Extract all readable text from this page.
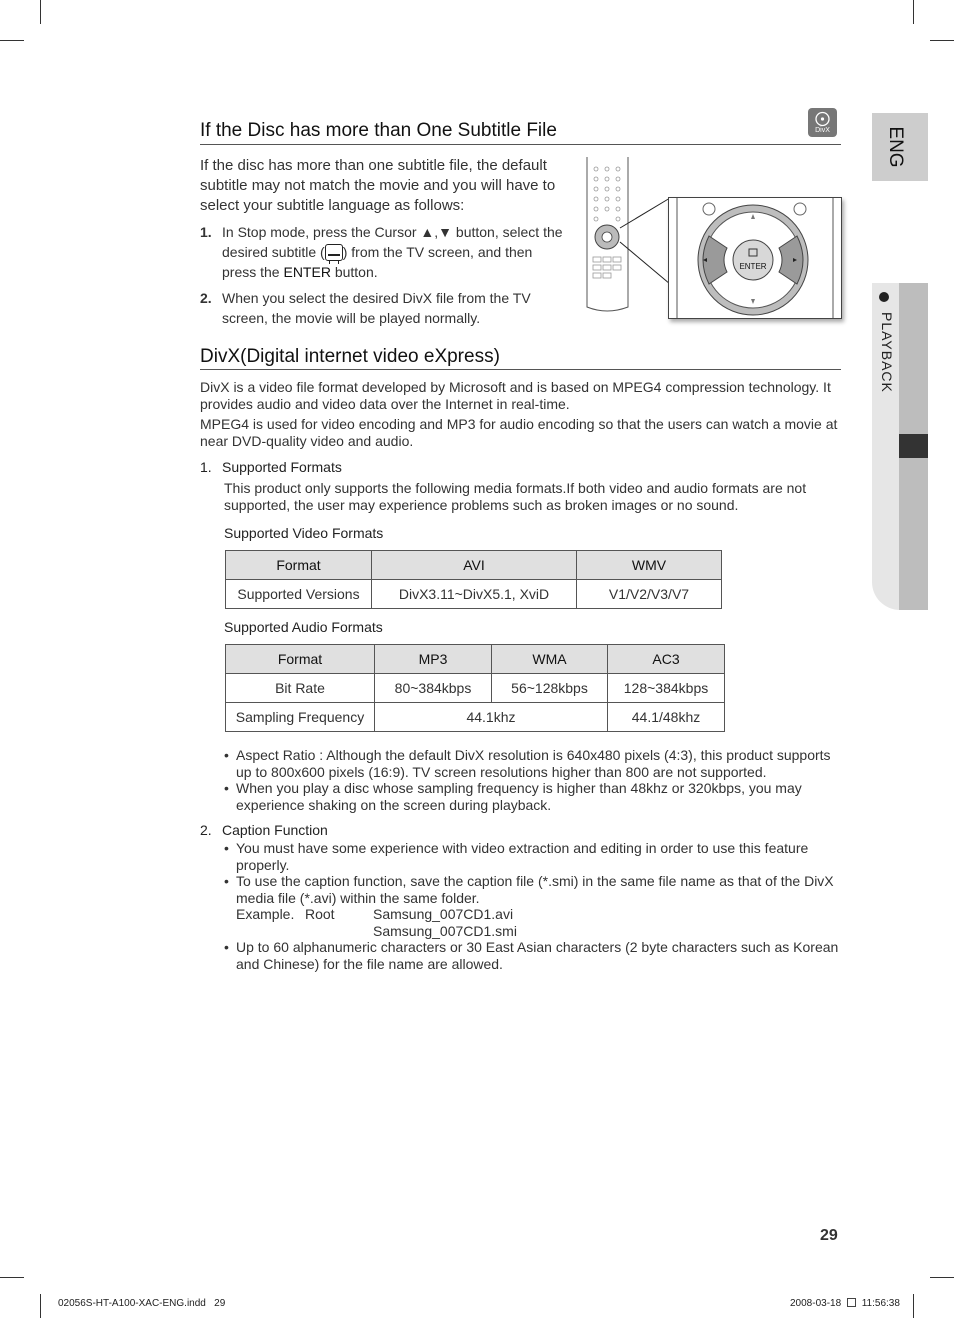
ENG
PLAYBACK
If the Disc has more than One Subtitle File	DivX
If the disc has more than one subtitle file, the default subtitle may not match the movie and you will have to select your subtitle language as follows:
1. In Stop mode, press the Cursor ▲,▼ button, select the desired subtitle ( ) from the TV screen, and then press the ENTER button.
2. When you select the desired DivX file from the TV screen, the movie will be played normally.
ENTER
DivX(Digital internet video eXpress)

DivX is a video file format developed by Microsoft and is based on MPEG4 compression technology. It provides audio and video data over the Internet in real-time.

MPEG4 is used for video encoding and MP3 for audio encoding so that the users can watch a movie at near DVD-quality video and audio.

1. Supported Formats

This product only supports the following media formats.If both video and audio formats are not supported, the user may experience problems such as broken images or no sound.

Supported Video Formats
Format	AVI	WMV
Supported Versions	DivX3.11~DivX5.1, XviD	V1/V2/V3/V7
Supported Audio Formats
Format	MP3	WMA	AC3
Bit Rate	80~384kbps	56~128kbps	128~384kbps
Sampling Frequency	44.1khz		44.1/48khz
• Aspect Ratio : Although the default DivX resolution is 640x480 pixels (4:3), this product supports up to 800x600 pixels (16:9). TV screen resolutions higher than 800 are not supported.
• When you play a disc whose sampling frequency is higher than 48khz or 320kbps, you may experience shaking on the screen during playback.
2. Caption Function
• You must have some experience with video extraction and editing in order to use this feature properly.
• To use the caption function, save the caption file (*.smi) in the same file name as that of the DivX media file (*.avi) within the same folder.
Example. Root	Samsung_007CD1.avi
Samsung_007CD1.smi
• Up to 60 alphanumeric characters or 30 East Asian characters (2 byte characters such as Korean and Chinese) for the file name are allowed.
29
02056S-HT-A100-XAC-ENG.indd   29	2008-03-18 11:56:38
